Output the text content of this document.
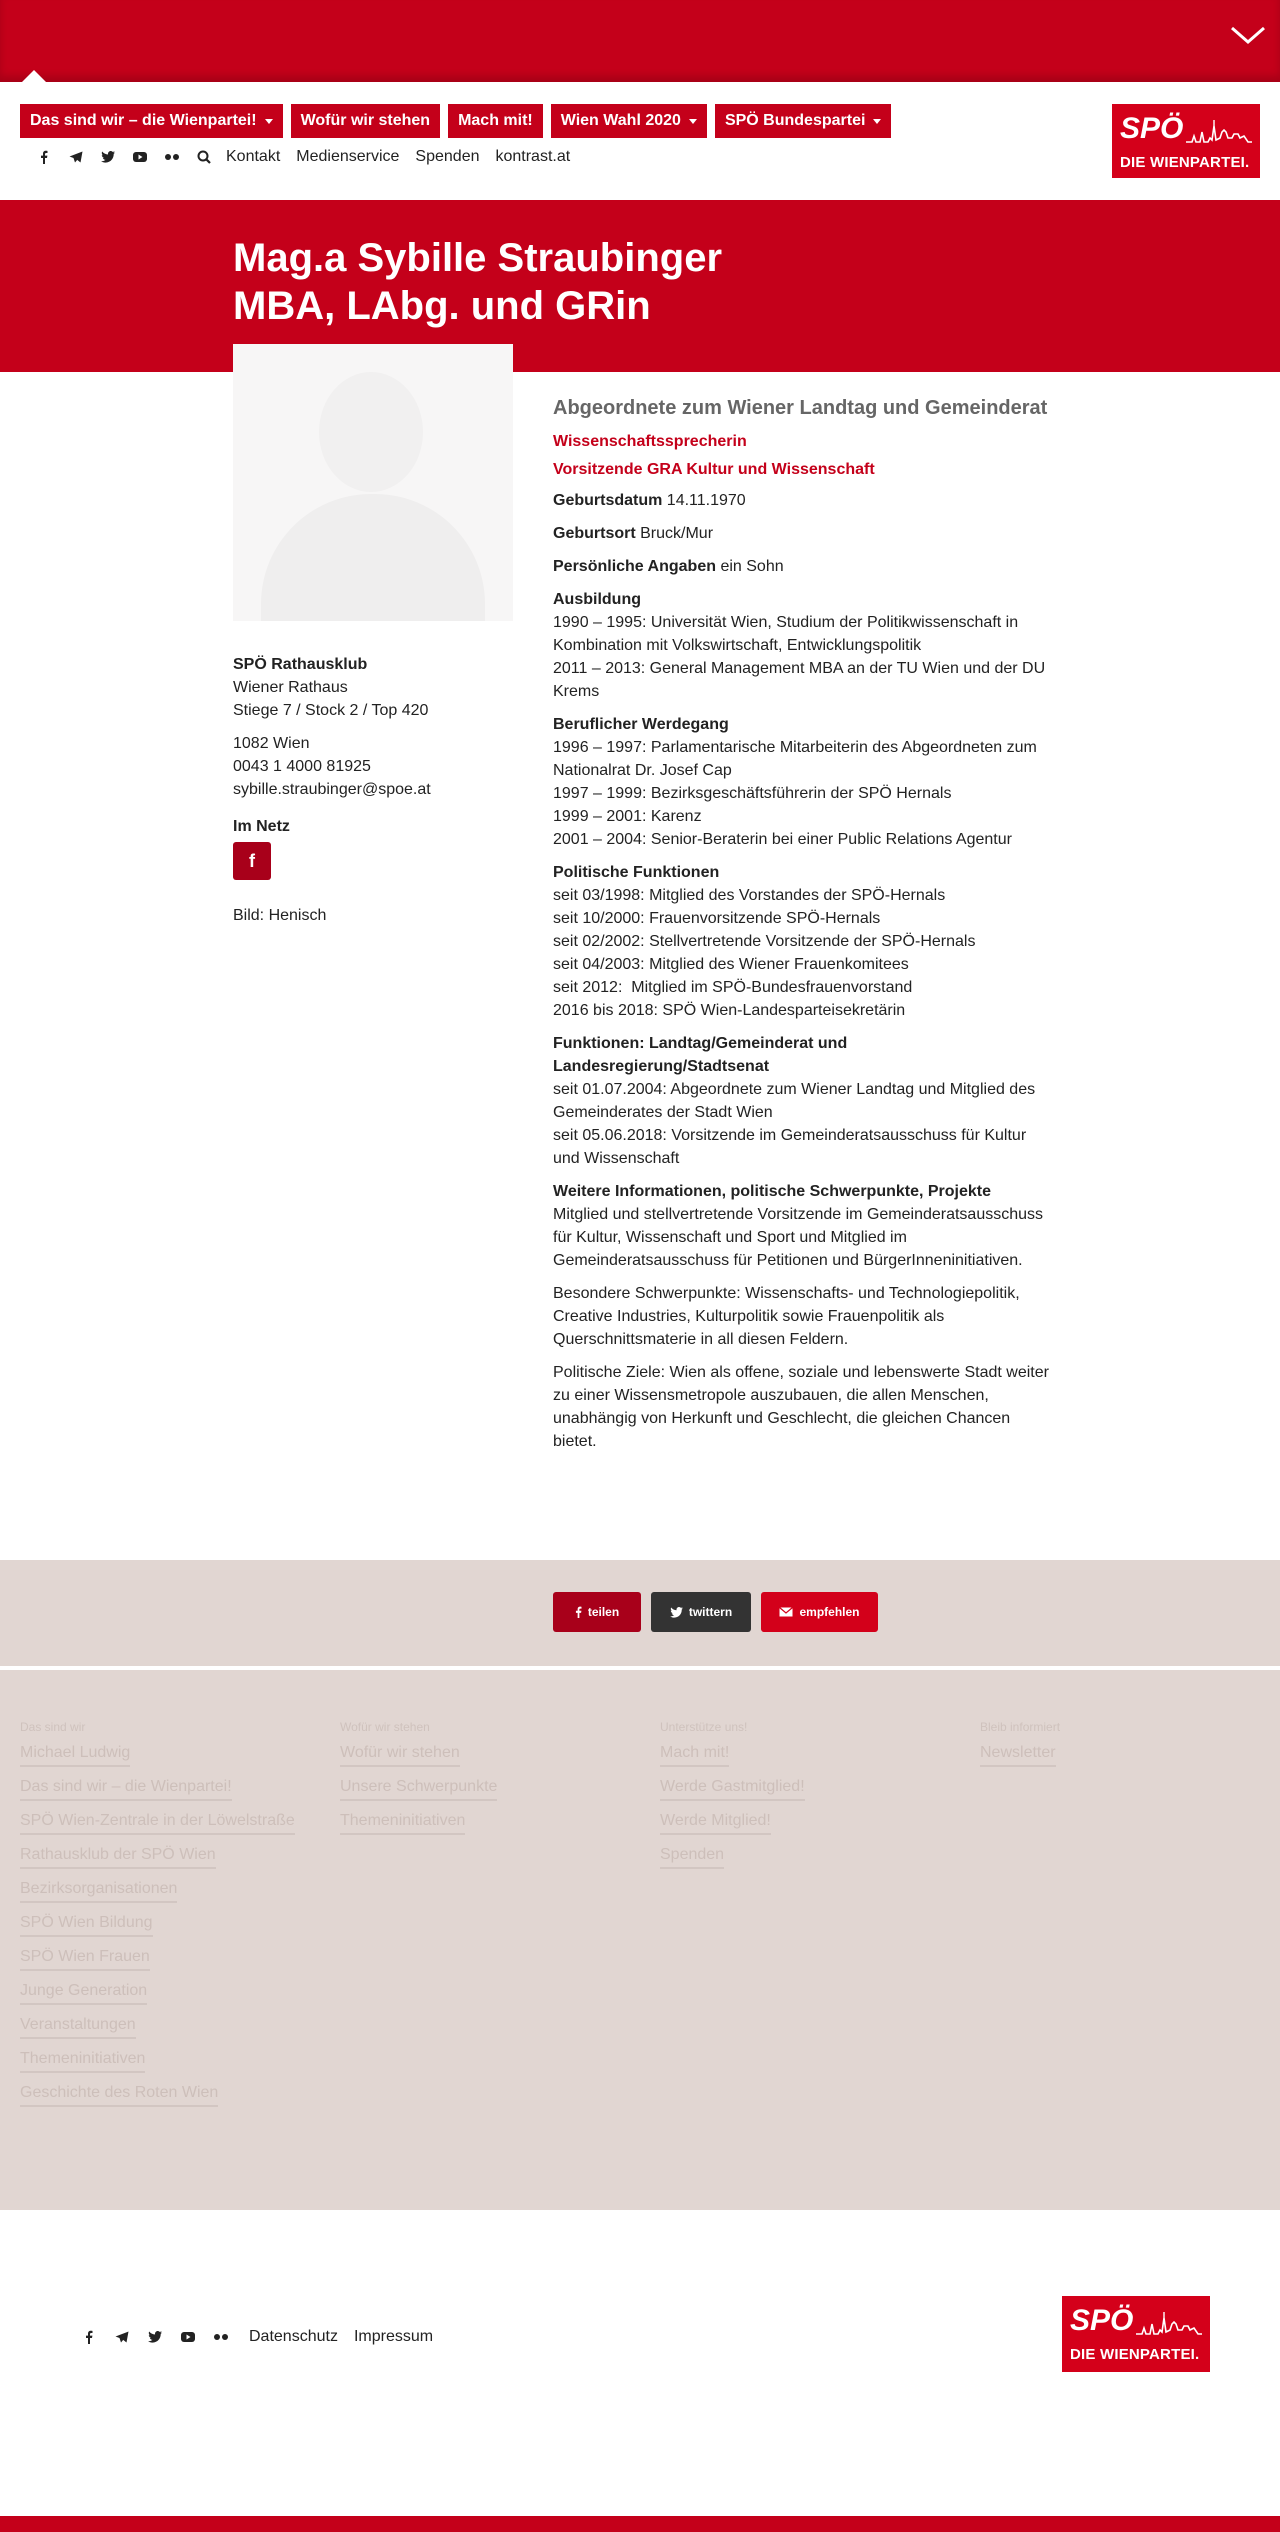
Das sind wir – die Wienpartei!	Wofür wir stehen Mach mit! Wien Wahl 2020	SPÖ Bundespartei
Kontakt Medienservice Spenden kontrast.at
SPÖ
DIE WIENPARTEI.
Mag.a Sybille Straubinger
MBA, LAbg. und GRin
SPÖ Rathausklub
Wiener Rathaus
Stiege 7 / Stock 2 / Top 420
1082 Wien
0043 1 4000 81925
sybille.straubinger@spoe.at
Im Netz
f
Bild: Henisch
Abgeordnete zum Wiener Landtag und Gemeinderat
Wissenschaftssprecherin
Vorsitzende GRA Kultur und Wissenschaft

Geburtsdatum 14.11.1970

Geburtsort Bruck/Mur

Persönliche Angaben ein Sohn

Ausbildung
1990 – 1995: Universität Wien, Studium der Politikwissenschaft in Kombination mit Volkswirtschaft, Entwicklungspolitik
2011 – 2013: General Management MBA an der TU Wien und der DU Krems

Beruflicher Werdegang
1996 – 1997: Parlamentarische Mitarbeiterin des Abgeordneten zum Nationalrat Dr. Josef Cap
1997 – 1999: Bezirksgeschäftsführerin der SPÖ Hernals
1999 – 2001: Karenz
2001 – 2004: Senior-Beraterin bei einer Public Relations Agentur

Politische Funktionen
seit 03/1998: Mitglied des Vorstandes der SPÖ-Hernals
seit 10/2000: Frauenvorsitzende SPÖ-Hernals
seit 02/2002: Stellvertretende Vorsitzende der SPÖ-Hernals
seit 04/2003: Mitglied des Wiener Frauenkomitees
seit 2012:  Mitglied im SPÖ-Bundesfrauenvorstand
2016 bis 2018: SPÖ Wien-Landesparteisekretärin

Funktionen: Landtag/Gemeinderat und Landesregierung/Stadtsenat
seit 01.07.2004: Abgeordnete zum Wiener Landtag und Mitglied des Gemeinderates der Stadt Wien
seit 05.06.2018: Vorsitzende im Gemeinderatsausschuss für Kultur und Wissenschaft

Weitere Informationen, politische Schwerpunkte, Projekte
Mitglied und stellvertretende Vorsitzende im Gemeinderatsausschuss für Kultur, Wissenschaft und Sport und Mitglied im Gemeinderatsausschuss für Petitionen und BürgerInneninitiativen.

Besondere Schwerpunkte: Wissenschafts- und Technologiepolitik, Creative Industries, Kulturpolitik sowie Frauenpolitik als Querschnittsmaterie in all diesen Feldern.

Politische Ziele: Wien als offene, soziale und lebenswerte Stadt weiter zu einer Wissensmetropole auszubauen, die allen Menschen, unabhängig von Herkunft und Geschlecht, die gleichen Chancen bietet.

teilen	twittern	empfehlen
Das sind wir
Michael Ludwig
Das sind wir – die Wienpartei!
SPÖ Wien-Zentrale in der Löwelstraße
Rathausklub der SPÖ Wien
Bezirksorganisationen
SPÖ Wien Bildung
SPÖ Wien Frauen
Junge Generation
Veranstaltungen
Themeninitiativen
Geschichte des Roten Wien
Wofür wir stehen
Wofür wir stehen
Unsere Schwerpunkte
Themeninitiativen
Unterstütze uns!
Mach mit!
Werde Gastmitglied!
Werde Mitglied!
Spenden
Bleib informiert
Newsletter
Datenschutz Impressum	SPÖ
DIE WIENPARTEI.
